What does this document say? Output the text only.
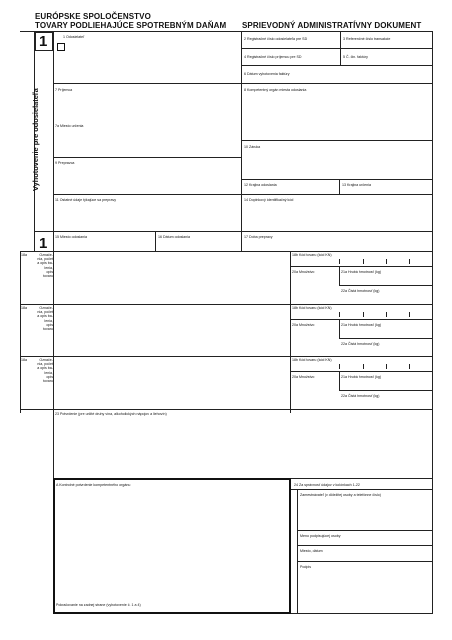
EURÓPSKE SPOLOČENSTVO
TOVARY PODLIEHAJÚCE SPOTREBNÝM DAŇAM SPRIEVODNÝ ADMINISTRATÍVNY DOKUMENT
1
Vyhotovenie pre odosielateľa
1
1 Odosielateľ	2 Registračné číslo odosielateľa pre SD	3 Referenčné číslo transakcie
4 Registračné číslo príjemcu pre SD	5 Č. čin. faktúry
6 Dátum vyhotovenia faktúry
7 Príjemca
7a Miesto určenia
8 Kompetentný orgán miesta odoslania
10 Záruka
9 Prepravca
12 Krajina odoslania	13 Krajina určenia
11 Ostatné údaje týkajúce sa prepravy	14 Doplnkový identifikačný kód
15 Miesto odoslania	16 Dátum odoslania	17 Doba prepravy
18a	Označe-
nia, počet
a opis ba-
lenia,
opis
tovaru
18b Kód tovaru (kód KN)
20a Množstvo	21a Hrubá hmotnosť (kg)
22a Čistá hmotnosť (kg)
18a	Označe-
nia, počet
a opis ba-
lenia,
opis
tovaru
18b Kód tovaru (kód KN)
20a Množstvo	21a Hrubá hmotnosť (kg)
22a Čistá hmotnosť (kg)
18a	Označe-
nia, počet
a opis ba-
lenia,
opis
tovaru
18b Kód tovaru (kód KN)
20a Množstvo	21a Hrubá hmotnosť (kg)
22a Čistá hmotnosť (kg)
23 Potvrdenie (pre určité druhy vína, alkoholických nápojov a liehovín)
A Kontrolné potvrdenie kompetentného orgánu
Pokračovanie na zadnej strane (vyhotovenie č. 1 a 4)
24 Za správnosť údajov v kolónkach 1-22
Zamestnávateľ (v dôležitej osoby a telefónne číslo)
Meno podpisujúcej osoby
Miesto, dátum
Podpis
